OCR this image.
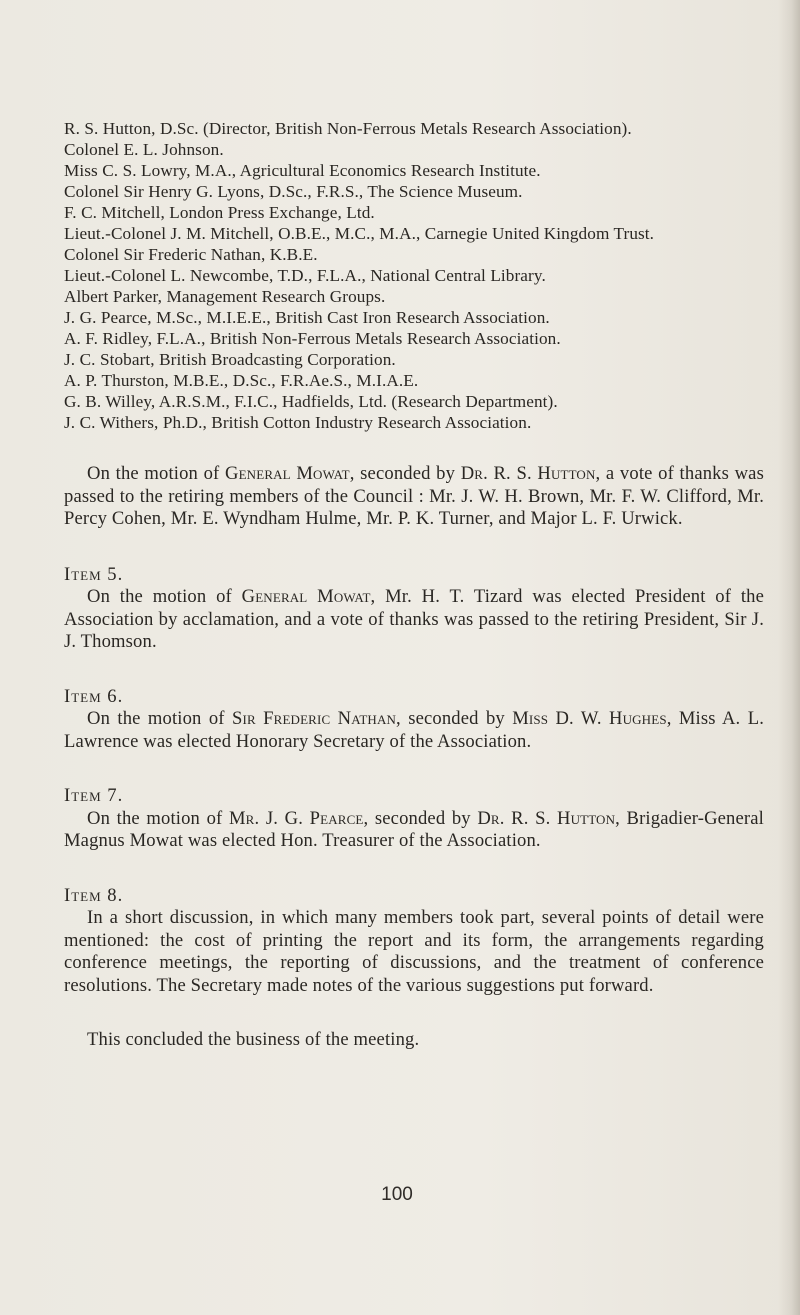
R. S. Hutton, D.Sc. (Director, British Non-Ferrous Metals Research Association).

Colonel E. L. Johnson.

Miss C. S. Lowry, M.A., Agricultural Economics Research Institute.

Colonel Sir Henry G. Lyons, D.Sc., F.R.S., The Science Museum.

F. C. Mitchell, London Press Exchange, Ltd.

Lieut.-Colonel J. M. Mitchell, O.B.E., M.C., M.A., Carnegie United Kingdom Trust.

Colonel Sir Frederic Nathan, K.B.E.

Lieut.-Colonel L. Newcombe, T.D., F.L.A., National Central Library.

Albert Parker, Management Research Groups.

J. G. Pearce, M.Sc., M.I.E.E., British Cast Iron Research Association.

A. F. Ridley, F.L.A., British Non-Ferrous Metals Research Association.

J. C. Stobart, British Broadcasting Corporation.

A. P. Thurston, M.B.E., D.Sc., F.R.Ae.S., M.I.A.E.

G. B. Willey, A.R.S.M., F.I.C., Hadfields, Ltd. (Research Department).

J. C. Withers, Ph.D., British Cotton Industry Research Association.

On the motion of General Mowat, seconded by Dr. R. S. Hutton, a vote of thanks was passed to the retiring members of the Council : Mr. J. W. H. Brown, Mr. F. W. Clifford, Mr. Percy Cohen, Mr. E. Wyndham Hulme, Mr. P. K. Turner, and Major L. F. Urwick.

Item 5.

On the motion of General Mowat, Mr. H. T. Tizard was elected President of the Association by acclamation, and a vote of thanks was passed to the retiring President, Sir J. J. Thomson.

Item 6.

On the motion of Sir Frederic Nathan, seconded by Miss D. W. Hughes, Miss A. L. Lawrence was elected Honorary Secretary of the Association.

Item 7.

On the motion of Mr. J. G. Pearce, seconded by Dr. R. S. Hutton, Brigadier-General Magnus Mowat was elected Hon. Treasurer of the Association.

Item 8.

In a short discussion, in which many members took part, several points of detail were mentioned: the cost of printing the report and its form, the arrangements regarding conference meetings, the reporting of discussions, and the treatment of conference resolutions. The Secretary made notes of the various suggestions put forward.

This concluded the business of the meeting.

100
